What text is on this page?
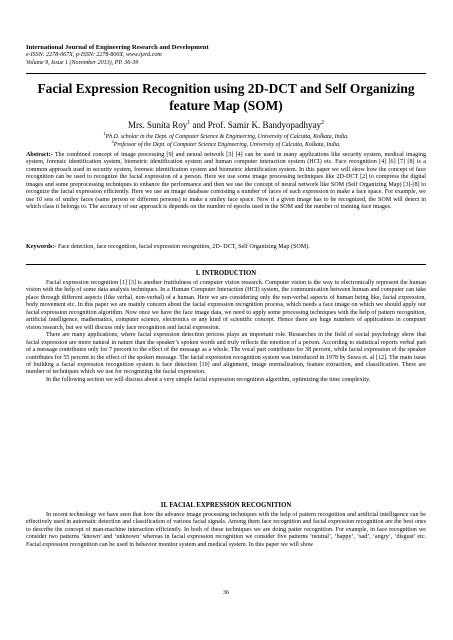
International Journal of Engineering Research and Development
e-ISSN: 2278-067X, p-ISSN: 2278-800X, www.ijerd.com
Volume 9, Issue 1 (November 2013), PP. 36-39
Facial Expression Recognition using 2D-DCT and Self Organizing feature Map (SOM)
Mrs. Sunita Roy$^1$ and Prof. Samir K. Bandyopadhyay$^2$
$^1$Ph.D. scholar in the Dept. of Computer Science & Engineering, University of Calcutta, Kolkata, India.
$^2$Professor of the Dept. of Computer Science Engineering, University of Calcutta, Kolkata, India.
Abstract:- The combined concept of image processing [9] and neural network [3] [4] can be used in many applications like security system, medical imaging system, forensic identification system, biometric identification system and human computer interaction system (HCI) etc. Face recognition [4] [6] [7] [8] is a common approach used in security system, forensic identification system and biometric identification system. In this paper we will show how the concept of face recognition can be used to recognize the facial expression of a person. Here we use some image processing techniques like 2D-DCT [2] to compress the digital images and some preprocessing techniques to enhance the performance and then we use the concept of neural network like SOM (Self Organizing Map) [3]-[8] to recognize the facial expression efficiently. Here we use an image database consisting a number of faces of each expression to make a face space. For example, we use 10 sets of smiley faces (same person or different persons) to make a smiley face space. Now if a given image has to be recognized, the SOM will detect in which class it belongs to. The accuracy of our approach is depends on the number of epochs used in the SOM and the number of training face images.
Keywords:- Face detection, face recognition, facial expression recognition, 2D- DCT, Self Organizing Map (SOM).
I. INTRODUCTION

Facial expression recognition [1] [3] is another fruitfulness of computer vision research. Computer vision is the way to electronically represent the human vision with the help of some data analysis techniques. In a Human Computer Interaction (HCI) system, the communication between human and computer can take place through different aspects (like verbal, non-verbal) of a human. Here we are considering only the non-verbal aspects of human being like, facial expression, body movement etc. In this paper we are mainly concern about the facial expression recognition process, which needs a face image on which we should apply our facial expression recognition algorithm. Now once we have the face image data, we need to apply some processing techniques with the help of pattern recognition, artificial intelligence, mathematics, computer science, electronics or any kind of scientific concept. Hence there are huge numbers of applications in computer vision research, but we will discuss only face recognition and facial expression.

There are many applications, where facial expression detection process plays an important role. Researches in the field of social psychology show that facial expression are more natural in nature than the speaker’s spoken words and truly reflects the emotion of a person. According to statistical reports verbal part of a message contributes only for 7 percent to the effect of the message as a whole. The vocal part contributes for 38 percent, while facial expression of the speaker contributes for 55 percent to the effect of the spoken message. The facial expression recognition system was introduced in 1978 by Suwa et. al [12]. The main issue of building a facial expression recognition system is face detection [10] and alignment, image normalization, feature extraction, and classification. There are number of techniques which we use for recognizing the facial expression.

In the following section we will discuss about a very simple facial expression recognition algorithm, optimizing the time complexity.

II. FACIAL EXPRESSION RECOGNITION

In recent technology we have seen that how the advance image processing techniques with the help of pattern recognition and artificial intelligence can be effectively used in automatic detection and classification of various facial signals. Among them face recognition and facial expression recognition are the best ones to describe the concept of man-machine interaction efficiently. In both of these techniques we are doing patter recognition. For example, in face recognition we consider two patterns ‘known’ and ‘unknown’ whereas in facial expression recognition we consider five patterns ‘neutral’, ‘happy’, ‘sad’, ‘angry’, ‘disgust’ etc. Facial expression recognition can be used in behavior monitor system and medical system. In this paper we will show

36
